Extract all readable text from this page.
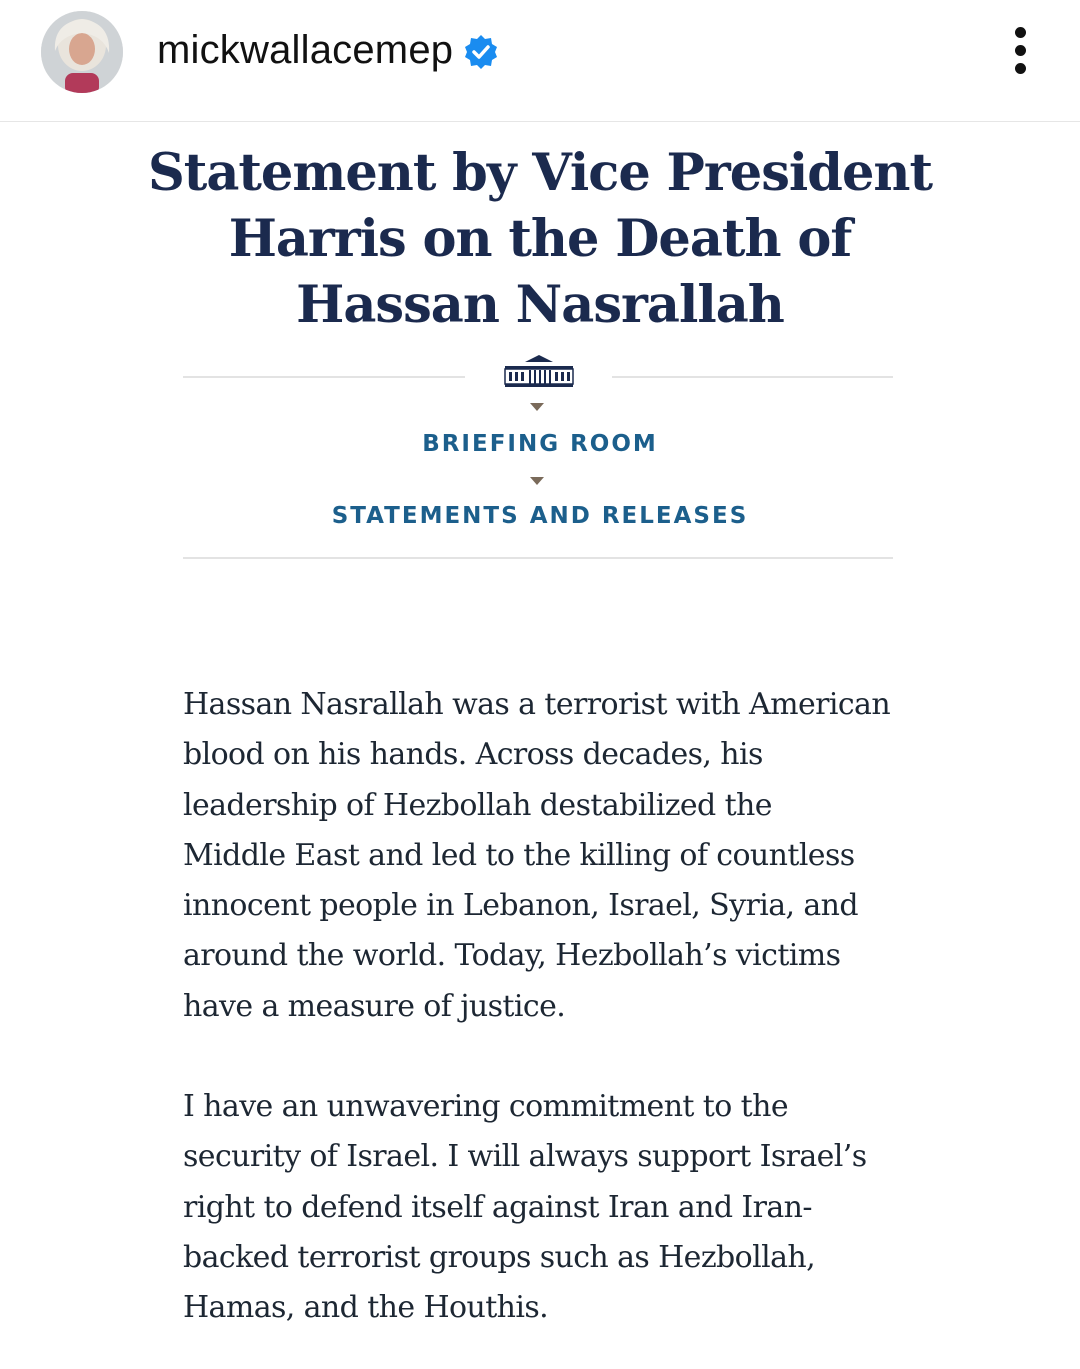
mickwallacemep
Statement by Vice President
Harris on the Death of
Hassan Nasrallah
BRIEFING ROOM
STATEMENTS AND RELEASES

Hassan Nasrallah was a terrorist with American
blood on his hands. Across decades, his
leadership of Hezbollah destabilized the
Middle East and led to the killing of countless
innocent people in Lebanon, Israel, Syria, and
around the world. Today, Hezbollah’s victims
have a measure of justice.

I have an unwavering commitment to the
security of Israel. I will always support Israel’s
right to defend itself against Iran and Iran-
backed terrorist groups such as Hezbollah,
Hamas, and the Houthis.
